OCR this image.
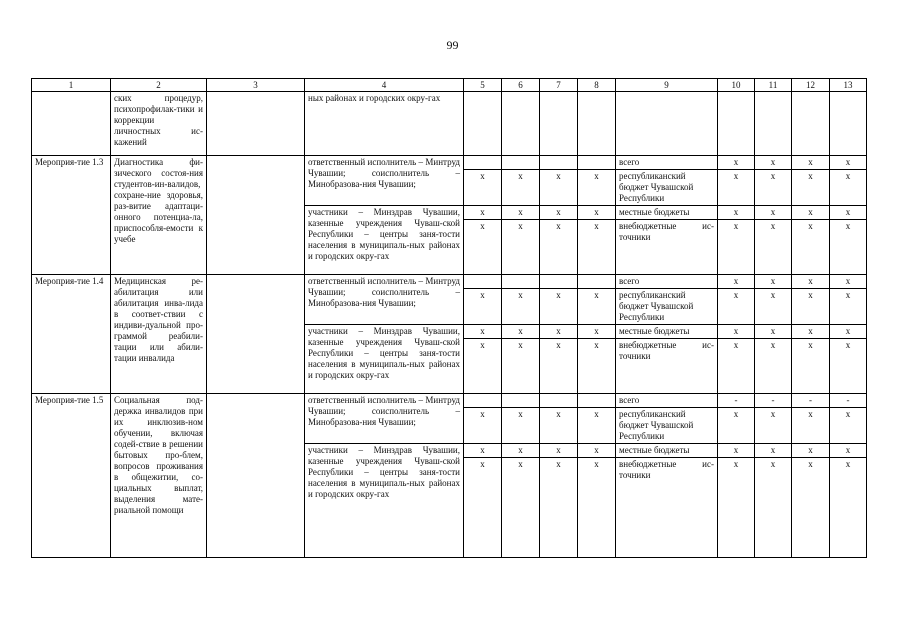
99
1	2	3	4	5	6	7	8	9	10	11	12	13
	ских процедур, психопрофилак-тики и коррекции личностных ис-кажений		ных районах и городских окру-гах									
Мероприя-тие 1.3	Диагностика фи-зического состоя-ния студентов-ин-валидов, сохране-ние здоровья, раз-витие адаптаци-онного потенциа-ла, приспособля-емости к учебе		ответственный исполнитель – Минтруд Чувашии; соисполнитель – Минобразова-ния Чувашии;					всего	x	x	x	x
				x	x	x	x	республиканский бюджет Чувашской Республики	x	x	x	x
			участники – Минздрав Чувашии, казенные учреждения Чуваш-ской Республики – центры заня-тости населения в муниципаль-ных районах и городских окру-гах	x	x	x	x	местные бюджеты	x	x	x	x
				x	x	x	x	внебюджетные ис-точники	x	x	x	x
Мероприя-тие 1.4	Медицинская ре-абилитация или абилитация инва-лида в соответ-ствии с индиви-дуальной про-граммой реабили-тации или абили-тации инвалида		ответственный исполнитель – Минтруд Чувашии; соисполнитель – Минобразова-ния Чувашии;					всего	x	x	x	x
				x	x	x	x	республиканский бюджет Чувашской Республики	x	x	x	x
			участники – Минздрав Чувашии, казенные учреждения Чуваш-ской Республики – центры заня-тости населения в муниципаль-ных районах и городских окру-гах	x	x	x	x	местные бюджеты	x	x	x	x
				x	x	x	x	внебюджетные ис-точники	x	x	x	x
Мероприя-тие 1.5	Социальная под-держка инвалидов при их инклюзив-ном обучении, включая содей-ствие в решении бытовых про-блем, вопросов проживания в общежитии, со-циальных выплат, выделения мате-риальной помощи		ответственный исполнитель – Минтруд Чувашии; соисполнитель – Минобразова-ния Чувашии;					всего	-	-	-	-
				x	x	x	x	республиканский бюджет Чувашской Республики	x	x	x	x
			участники – Минздрав Чувашии, казенные учреждения Чуваш-ской Республики – центры заня-тости населения в муниципаль-ных районах и городских окру-гах	x	x	x	x	местные бюджеты	x	x	x	x
				x	x	x	x	внебюджетные ис-точники	x	x	x	x
